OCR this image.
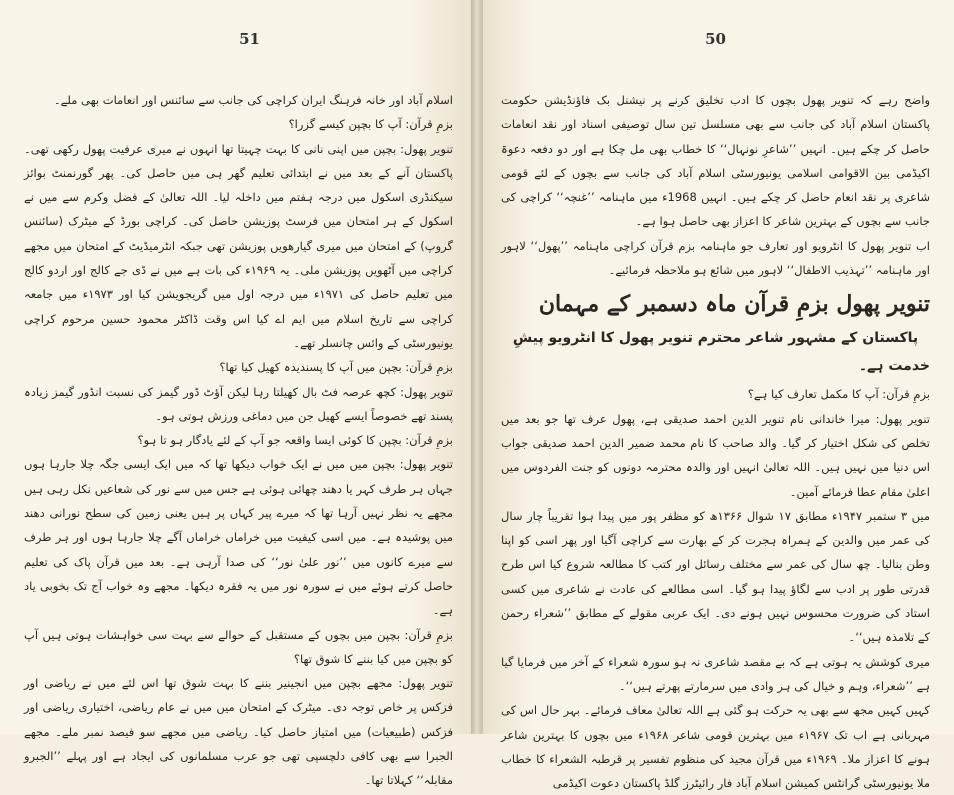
51

اسلام آباد اور خانہ فرہنگ ایران کراچی کی جانب سے سائنس اور انعامات بھی ملے۔

بزمِ قرآن: آپ کا بچپن کیسے گزرا؟

تنویر پھول: بچپن میں اپنی نانی کا بہت چہیتا تھا انہوں نے میری عرفیت پھول رکھی تھی۔ پاکستان آنے کے بعد میں نے ابتدائی تعلیم گھر ہی میں حاصل کی۔ پھر گورنمنٹ بوائز سیکنڈری اسکول میں درجہ ہفتم میں داخلہ لیا۔ اللہ تعالیٰ کے فضل وکرم سے میں نے اسکول کے ہر امتحان میں فرسٹ پوزیشن حاصل کی۔ کراچی بورڈ کے میٹرک (سائنس گروپ) کے امتحان میں میری گیارھویں پوزیشن تھی جبکہ انٹرمیڈیٹ کے امتحان میں مجھے کراچی میں آٹھویں پوزیشن ملی۔ یہ ۱۹۶۹ء کی بات ہے میں نے ڈی جے کالج اور اردو کالج میں تعلیم حاصل کی ۱۹۷۱ء میں درجہ اول میں گریجویشن کیا اور ۱۹۷۳ء میں جامعہ کراچی سے تاریخ اسلام میں ایم اے کیا اس وقت ڈاکٹر محمود حسین مرحوم کراچی یونیورسٹی کے وائس چانسلر تھے۔

بزمِ قرآن: بچپن میں آپ کا پسندیدہ کھیل کیا تھا؟

تنویر پھول: کچھ عرصہ فٹ بال کھیلتا رہا لیکن آؤٹ ڈور گیمز کی نسبت انڈور گیمز زیادہ پسند تھے خصوصاً ایسے کھیل جن میں دماغی ورزش ہوتی ہو۔

بزمِ قرآن: بچپن کا کوئی ایسا واقعہ جو آپ کے لئے یادگار ہو تا ہو؟

تنویر پھول: بچپن میں میں نے ایک خواب دیکھا تھا کہ میں ایک ایسی جگہ چلا جارہا ہوں جہاں ہر طرف کہر یا دھند چھائی ہوئی ہے جس میں سے نور کی شعاعیں نکل رہی ہیں مجھے یہ نظر نہیں آرہا تھا کہ میرے پیر کہاں پر ہیں یعنی زمین کی سطح نورانی دھند میں پوشیدہ ہے۔ میں اسی کیفیت میں خراماں خراماں آگے چلا جارہا ہوں اور ہر طرف سے میرے کانوں میں ’’نور علیٰ نور‘‘ کی صدا آرہی ہے۔ بعد میں قرآن پاک کی تعلیم حاصل کرتے ہوئے میں نے سورہ نور میں یہ فقرہ دیکھا۔ مجھے وہ خواب آج تک بخوبی یاد ہے۔

بزمِ قرآن: بچپن میں بچوں کے مستقبل کے حوالے سے بہت سی خواہشات ہوتی ہیں آپ کو بچپن میں کیا بننے کا شوق تھا؟

تنویر پھول: مجھے بچپن میں انجینیر بننے کا بہت شوق تھا اس لئے میں نے ریاضی اور فزکس پر خاص توجہ دی۔ میٹرک کے امتحان میں میں نے عام ریاضی، اختیاری ریاضی اور فزکس (طبیعیات) میں امتیاز حاصل کیا۔ ریاضی میں مجھے سو فیصد نمبر ملے۔ مجھے الجبرا سے بھی کافی دلچسپی تھی جو عرب مسلمانوں کی ایجاد ہے اور پہلے ’’الجبرو مقابلہ‘‘ کہلاتا تھا۔

50

واضح رہے کہ تنویر پھول بچوں کا ادب تخلیق کرنے پر نیشنل بک فاؤنڈیشن حکومت پاکستان اسلام آباد کی جانب سے بھی مسلسل تین سال توصیفی اسناد اور نقد انعامات حاصل کر چکے ہیں۔ انہیں ’’شاعرِ نونہال‘‘ کا خطاب بھی مل چکا ہے اور دو دفعہ دعوۃ اکیڈمی بین الاقوامی اسلامی یونیورسٹی اسلام آباد کی جانب سے بچوں کے لئے قومی شاعری پر نقد انعام حاصل کر چکے ہیں۔ انہیں 1968ء میں ماہنامہ ’’غنچہ‘‘ کراچی کی جانب سے بچوں کے بہترین شاعر کا اعزاز بھی حاصل ہوا ہے۔

اب تنویر پھول کا انٹرویو اور تعارف جو ماہنامہ بزم قرآن کراچی ماہنامہ ’’پھول‘‘ لاہور اور ماہنامہ ’’تہذیب الاطفال‘‘ لاہور میں شائع ہو ملاحظہ فرمائیے۔

تنویر پھول بزمِ قرآن ماہ دسمبر کے مہمان
پاکستان کے مشہور شاعر محترم تنویر پھول کا انٹرویو پیشِ خدمت ہے۔

بزمِ قرآن: آپ کا مکمل تعارف کیا ہے؟

تنویر پھول: میرا خاندانی نام تنویر الدین احمد صدیقی ہے، پھول عرف تھا جو بعد میں تخلص کی شکل اختیار کر گیا۔ والد صاحب کا نام محمد ضمیر الدین احمد صدیقی جواب اس دنیا میں نہیں ہیں۔ اللہ تعالیٰ انہیں اور والدہ محترمہ دونوں کو جنت الفردوس میں اعلیٰ مقام عطا فرمائے آمین۔

میں ۳ ستمبر ۱۹۴۷ء مطابق ۱۷ شوال ۱۳۶۶ھ کو مظفر پور میں پیدا ہوا تقریباً چار سال کی عمر میں والدین کے ہمراہ ہجرت کر کے بھارت سے کراچی آگیا اور پھر اسی کو اپنا وطن بنالیا۔ چھ سال کی عمر سے مختلف رسائل اور کتب کا مطالعہ شروع کیا اس طرح قدرتی طور پر ادب سے لگاؤ پیدا ہو گیا۔ اسی مطالعے کی عادت نے شاعری میں کسی استاد کی ضرورت محسوس نہیں ہونے دی۔ ایک عربی مقولے کے مطابق ’’شعراء رحمن کے تلامذہ ہیں‘‘۔

میری کوشش یہ ہوتی ہے کہ بے مقصد شاعری نہ ہو سورہ شعراء کے آخر میں فرمایا گیا ہے ’’شعراء، وہم و خیال کی ہر وادی میں سرمارتے پھرتے ہیں‘‘۔

کہیں کہیں مجھ سے بھی یہ حرکت ہو گئی ہے اللہ تعالیٰ معاف فرمائے۔ بہر حال اس کی مہربانی ہے اب تک ۱۹۶۷ء میں بہترین قومی شاعر ۱۹۶۸ء میں بچوں کا بہترین شاعر ہونے کا اعزاز ملا۔ ۱۹۶۹ء میں قرآن مجید کی منظوم تفسیر پر قرطبہ الشعراء کا خطاب ملا یونیورسٹی گرانٹس کمیشن اسلام آباد فار رائیٹرز گلڈ پاکستان دعوت اکیڈمی
